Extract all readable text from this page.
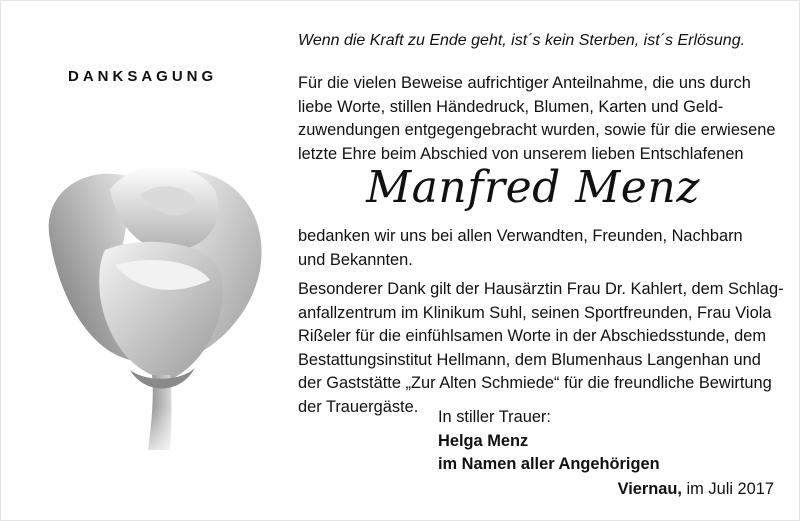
Wenn die Kraft zu Ende geht, ist´s kein Sterben, ist´s Erlösung.
DANKSAGUNG	Für die vielen Beweise aufrichtiger Anteilnahme, die uns durch
liebe Worte, stillen Händedruck, Blumen, Karten und Geld-
zuwendungen entgegengebracht wurden, sowie für die erwiesene
letzte Ehre beim Abschied von unserem lieben Entschlafenen
Manfred Menz
bedanken wir uns bei allen Verwandten, Freunden, Nachbarn
und Bekannten.
Besonderer Dank gilt der Hausärztin Frau Dr. Kahlert, dem Schlag-
anfallzentrum im Klinikum Suhl, seinen Sportfreunden, Frau Viola
Rißeler für die einfühlsamen Worte in der Abschiedsstunde, dem
Bestattungsinstitut Hellmann, dem Blumenhaus Langenhan und
der Gaststätte „Zur Alten Schmiede“ für die freundliche Bewirtung
der Trauergäste.
In stiller Trauer:
Helga Menz
im Namen aller Angehörigen
Viernau, im Juli 2017
